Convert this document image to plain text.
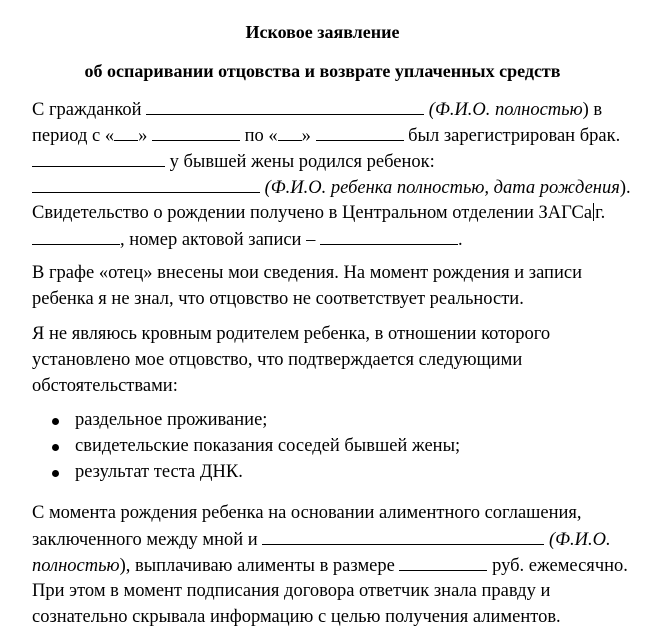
Исковое заявление
об оспаривании отцовства и возврате уплаченных средств
С гражданкой	(Ф.И.О. полностью) в
период с « »	по « »	был зарегистрирован брак.
у бывшей жены родился ребенок:
(Ф.И.О. ребенка полностью, дата рождения).
Свидетельство о рождении получено в Центральном отделении ЗАГСа г.
, номер актовой записи –	.
В графе «отец» внесены мои сведения. На момент рождения и записи
ребенка я не знал, что отцовство не соответствует реальности.
Я не являюсь кровным родителем ребенка, в отношении которого
установлено мое отцовство, что подтверждается следующими
обстоятельствами:
раздельное проживание;
свидетельские показания соседей бывшей жены;
результат теста ДНК.
С момента рождения ребенка на основании алиментного соглашения,
заключенного между мной и	(Ф.И.О.
полностью), выплачиваю алименты в размере	руб. ежемесячно.
При этом в момент подписания договора ответчик знала правду и
сознательно скрывала информацию с целью получения алиментов.
